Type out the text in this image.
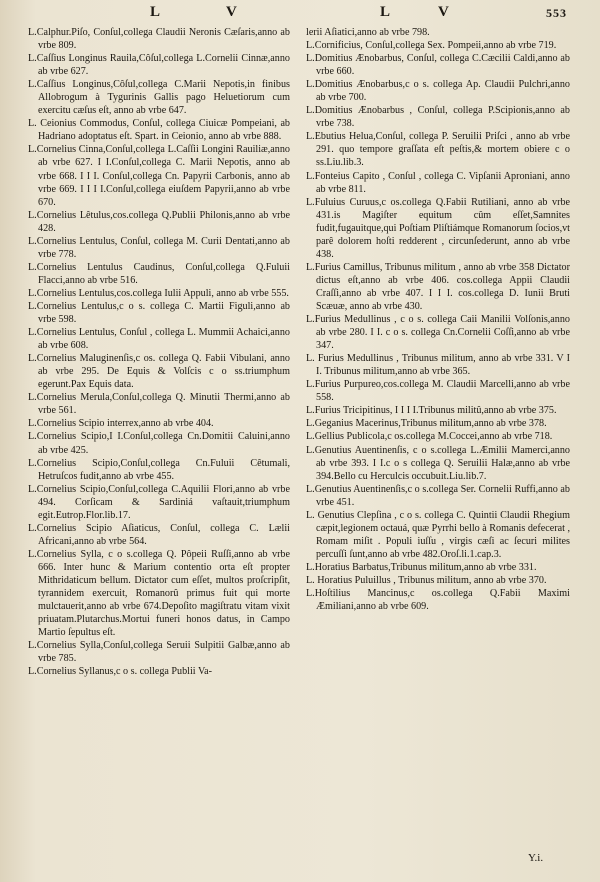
L	V	L	V	553

L.Calphur.Piſo, Conſul,collega Claudii Neronis Cæſaris,anno ab vrbe 809.

L.Caſſius Longinus Rauila,Côſul,collega L.Cornelii Cinnæ,anno ab vrbe 627.

L.Caſſius Longinus,Côſul,collega C.Marii Nepotis,in finibus Allobrogum à Tygurinis Gallis pago Heluetiorum cum exercitu cæſus eſt, anno ab vrbe 647.

L. Ceionius Commodus, Conſul, collega Ciuicæ Pompeiani, ab Hadriano adoptatus eſt. Spart. in Ceionio, anno ab vrbe 888.

L.Cornelius Cinna,Conſul,collega L.Caſſii Longini Rauiliæ,anno ab vrbe 627. I I.Conſul,collega C. Marii Nepotis, anno ab vrbe 668. I I I. Conſul,collega Cn. Papyrii Carbonis, anno ab vrbe 669. I I I I.Conſul,collega eiuſdem Papyrii,anno ab vrbe 670.

L.Cornelius Lêtulus,cos.collega Q.Publii Philonis,anno ab vrbe 428.

L.Cornelius Lentulus, Conſul, collega M. Curii Dentati,anno ab vrbe 778.

L.Cornelius Lentulus Caudinus, Conſul,collega Q.Fuluii Flacci,anno ab vrbe 516.

L.Cornelius Lentulus,cos.collega Iulii Appuli, anno ab vrbe 555.

L.Cornelius Lentulus,c o s. collega C. Martii Figuli,anno ab vrbe 598.

L.Cornelius Lentulus, Conſul , collega L. Mummii Achaici,anno ab vrbe 608.

L.Cornelius Maluginenſis,c os. collega Q. Fabii Vibulani, anno ab vrbe 295. De Equis & Volſcis c o ss.triumphum egerunt.Pax Equis data.

L.Cornelius Merula,Conſul,collega Q. Minutii Thermi,anno ab vrbe 561.

L.Cornelius Scipio interrex,anno ab vrbe 404.

L.Cornelius Scipio,I I.Conſul,collega Cn.Domitii Caluini,anno ab vrbe 425.

L.Cornelius Scipio,Conſul,collega Cn.Fuluii Cêtumali, Hetruſcos fudit,anno ab vrbe 455.

L.Cornelius Scipio,Conſul,collega C.Aquilii Flori,anno ab vrbe 494. Corſicam & Sardiniá vaſtauit,triumphum egit.Eutrop.Flor.lib.17.

L.Cornelius Scipio Aſiaticus, Conſul, collega C. Lælii Africani,anno ab vrbe 564.

L.Cornelius Sylla, c o s.collega Q. Pôpeii Ruſſi,anno ab vrbe 666. Inter hunc & Marium contentio orta eſt propter Mithridaticum bellum. Dictator cum eſſet, multos proſcripſit, tyrannidem exercuit, Romanorû primus fuit qui morte mulctauerit,anno ab vrbe 674.Depoſito magiſtratu vitam vixit priuatam.Plutarchus.Mortui funeri honos datus, in Campo Martio ſepultus eſt.

L.Cornelius Sylla,Conſul,collega Seruii Sulpitii Galbæ,anno ab vrbe 785.

L.Cornelius Syllanus,c o s. collega Publii Va-

lerii Aſiatici,anno ab vrbe 798.

L.Cornificius, Conſul,collega Sex. Pompeii,anno ab vrbe 719.

L.Domitius Ænobarbus, Conſul, collega C.Cæcilii Caldi,anno ab vrbe 660.

L.Domitius Ænobarbus,c o s. collega Ap. Claudii Pulchri,anno ab vrbe 700.

L.Domitius Ænobarbus , Conſul, collega P.Scipionis,anno ab vrbe 738.

L.Ebutius Helua,Conſul, collega P. Seruilii Priſci , anno ab vrbe 291. quo tempore graſſata eſt peſtis,& mortem obiere c o ss.Liu.lib.3.

L.Fonteius Capito , Conſul , collega C. Vipſanii Aproniani, anno ab vrbe 811.

L.Fuluius Curuus,c os.collega Q.Fabii Rutiliani, anno ab vrbe 431.is Magiſter equitum cûm eſſet,Samnites fudit,fugauitque,qui Poſtiam Pliſtiámque Romanorum ſocios,vt parê dolorem hoſti redderent , circunſederunt, anno ab vrbe 438.

L.Furius Camillus, Tribunus militum , anno ab vrbe 358 Dictator dictus eſt,anno ab vrbe 406. cos.collega Appii Claudii Craſſi,anno ab vrbe 407. I I I. cos.collega D. Iunii Bruti Scæuæ, anno ab vrbe 430.

L.Furius Medullinus , c o s. collega Caii Manilii Volſonis,anno ab vrbe 280. I I. c o s. collega Cn.Cornelii Coſſi,anno ab vrbe 347.

L. Furius Medullinus , Tribunus militum, anno ab vrbe 331. V I I. Tribunus militum,anno ab vrbe 365.

L.Furius Purpureo,cos.collega M. Claudii Marcelli,anno ab vrbe 558.

L.Furius Tricipitinus, I I I I.Tribunus militû,anno ab vrbe 375.

L.Geganius Macerinus,Tribunus militum,anno ab vrbe 378.

L.Gellius Publicola,c os.collega M.Coccei,anno ab vrbe 718.

L.Genutius Auentinenſis, c o s.collega L.Æmilii Mamerci,anno ab vrbe 393. I I.c o s collega Q. Seruilii Halæ,anno ab vrbe 394.Bello cu Herculcis occubuit.Liu.lib.7.

L.Genutius Auentinenſis,c o s.collega Ser. Cornelii Ruffi,anno ab vrbe 451.

L. Genutius Clepſina , c o s. collega C. Quintii Claudii Rhegium cæpit,legionem octauá, quæ Pyrrhi bello à Romanis defecerat , Romam miſit . Populi iuſſu , virgis cæſi ac ſecuri milites percuſſi ſunt,anno ab vrbe 482.Oroſ.li.1.cap.3.

L.Horatius Barbatus,Tribunus militum,anno ab vrbe 331.

L. Horatius Puluillus , Tribunus militum, anno ab vrbe 370.

L.Hoſtilius Mancinus,c os.collega Q.Fabii Maximi Æmiliani,anno ab vrbe 609.

Y.i.
